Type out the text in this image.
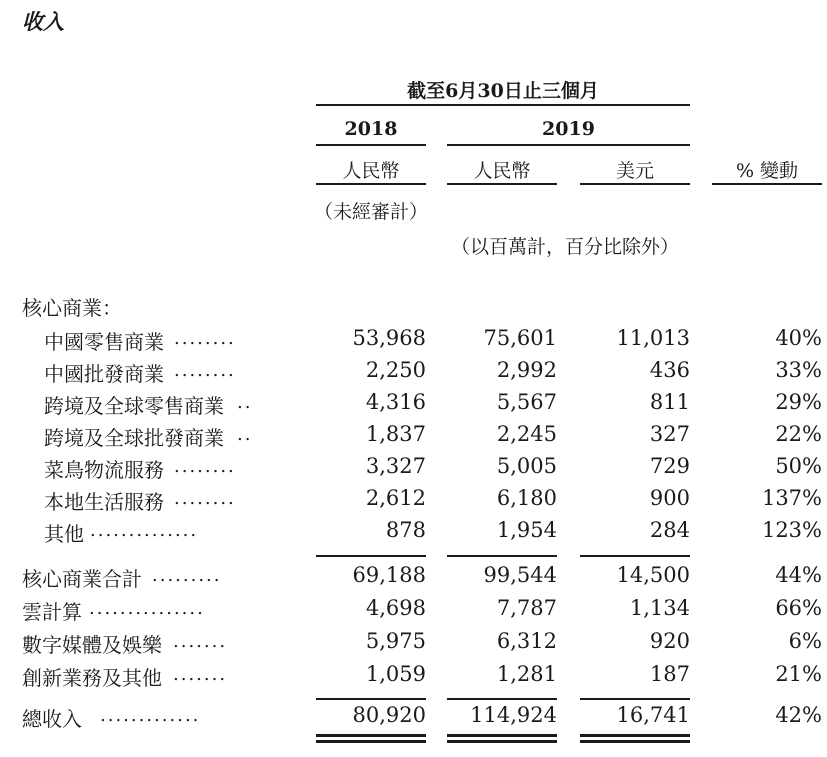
收入
截至6月30日止三個月
2018	2019
人民幣	人民幣	美元	% 變動
（未經審計）
（以百萬計，百分比除外）
核心商業：
中國零售商業 ........	53,968	75,601	11,013	40%
中國批發商業 ........	2,250	2,992	436	33%
跨境及全球零售商業 ..	4,316	5,567	811	29%
跨境及全球批發商業 ..	1,837	2,245	327	22%
菜鳥物流服務 ........	3,327	5,005	729	50%
本地生活服務 ........	2,612	6,180	900	137%
其他 ..............	878	1,954	284	123%
核心商業合計 .........	69,188	99,544	14,500	44%
雲計算 ...............	4,698	7,787	1,134	66%
數字媒體及娛樂 .......	5,975	6,312	920	6%
創新業務及其他 .......	1,059	1,281	187	21%
總收入 .............	80,920	114,924	16,741	42%
